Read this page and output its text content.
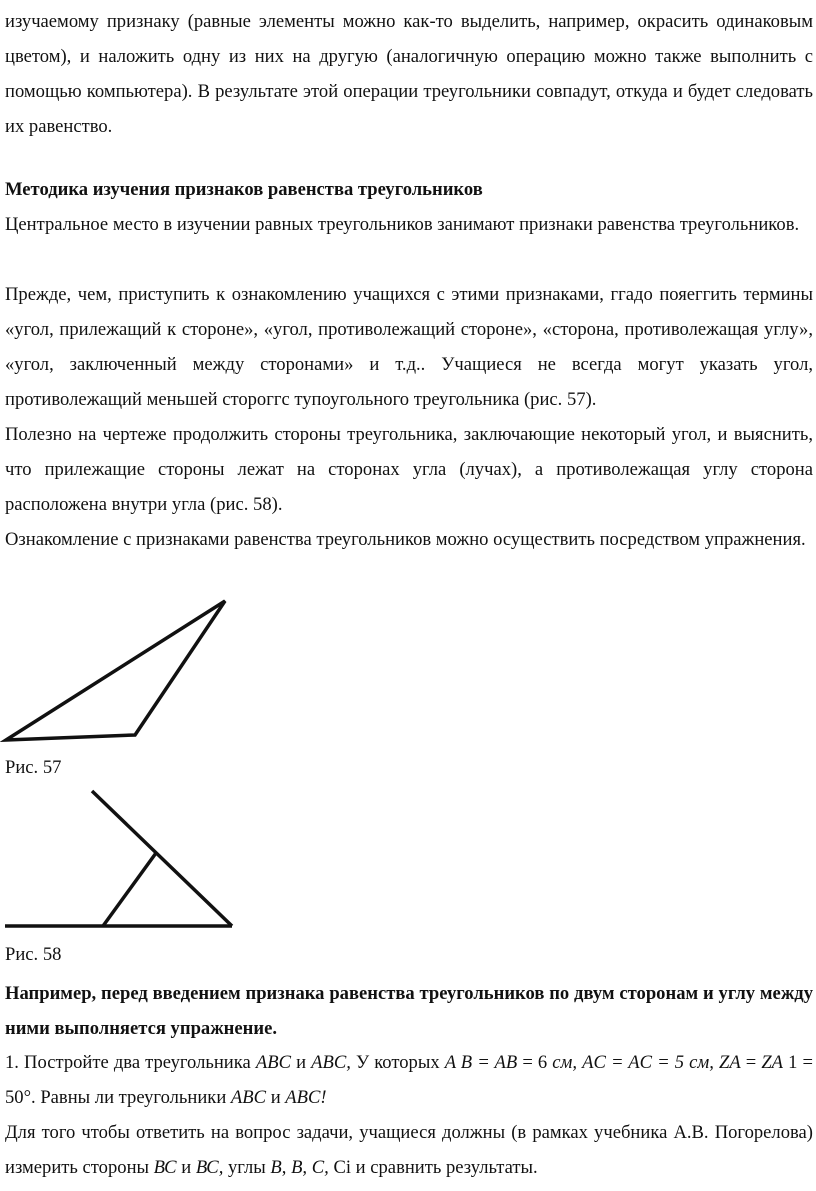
изучаемому признаку (равные элементы можно как-то выделить, например, окрасить одинаковым цветом), и наложить одну из них на другую (аналогичную операцию можно также выполнить с помощью компьютера). В результате этой операции треугольники совпадут, откуда и будет следовать их равенство.

Методика изучения признаков равенства треугольников

Центральное место в изучении равных треугольников занимают признаки равенства треугольников.

Прежде, чем, приступить к ознакомлению учащихся с этими признаками, ггадо пояеггить термины «угол, прилежащий к стороне», «угол, противолежащий стороне», «сторона, противолежащая углу», «угол, заключенный между сторонами» и т.д.. Учащиеся не всегда могут указать угол, противолежащий меньшей стороггс тупоугольного треугольника (рис. 57).

Полезно на чертеже продолжить стороны треугольника, заключающие некоторый угол, и выяснить, что прилежащие стороны лежат на сторонах угла (лучах), а противолежащая углу сторона расположена внутри угла (рис. 58).

Ознакомление с признаками равенства треугольников можно осуществить посредством упражнения.

Рис. 57

Рис. 58

Например, перед введением признака равенства треугольников по двум сторонам и углу между ними выполняется упражнение.

1. Постройте два треугольника ABC и ABC, У которых A B = AB = 6 см, AC = AC = 5 см, ZA = ZA 1 = 50°. Равны ли треугольники ABC и ABC!

Для того чтобы ответить на вопрос задачи, учащиеся должны (в рамках учебника А.В. Погорелова) измерить стороны ВС и ВС, углы В, В, С, Сі и сравнить результаты.
